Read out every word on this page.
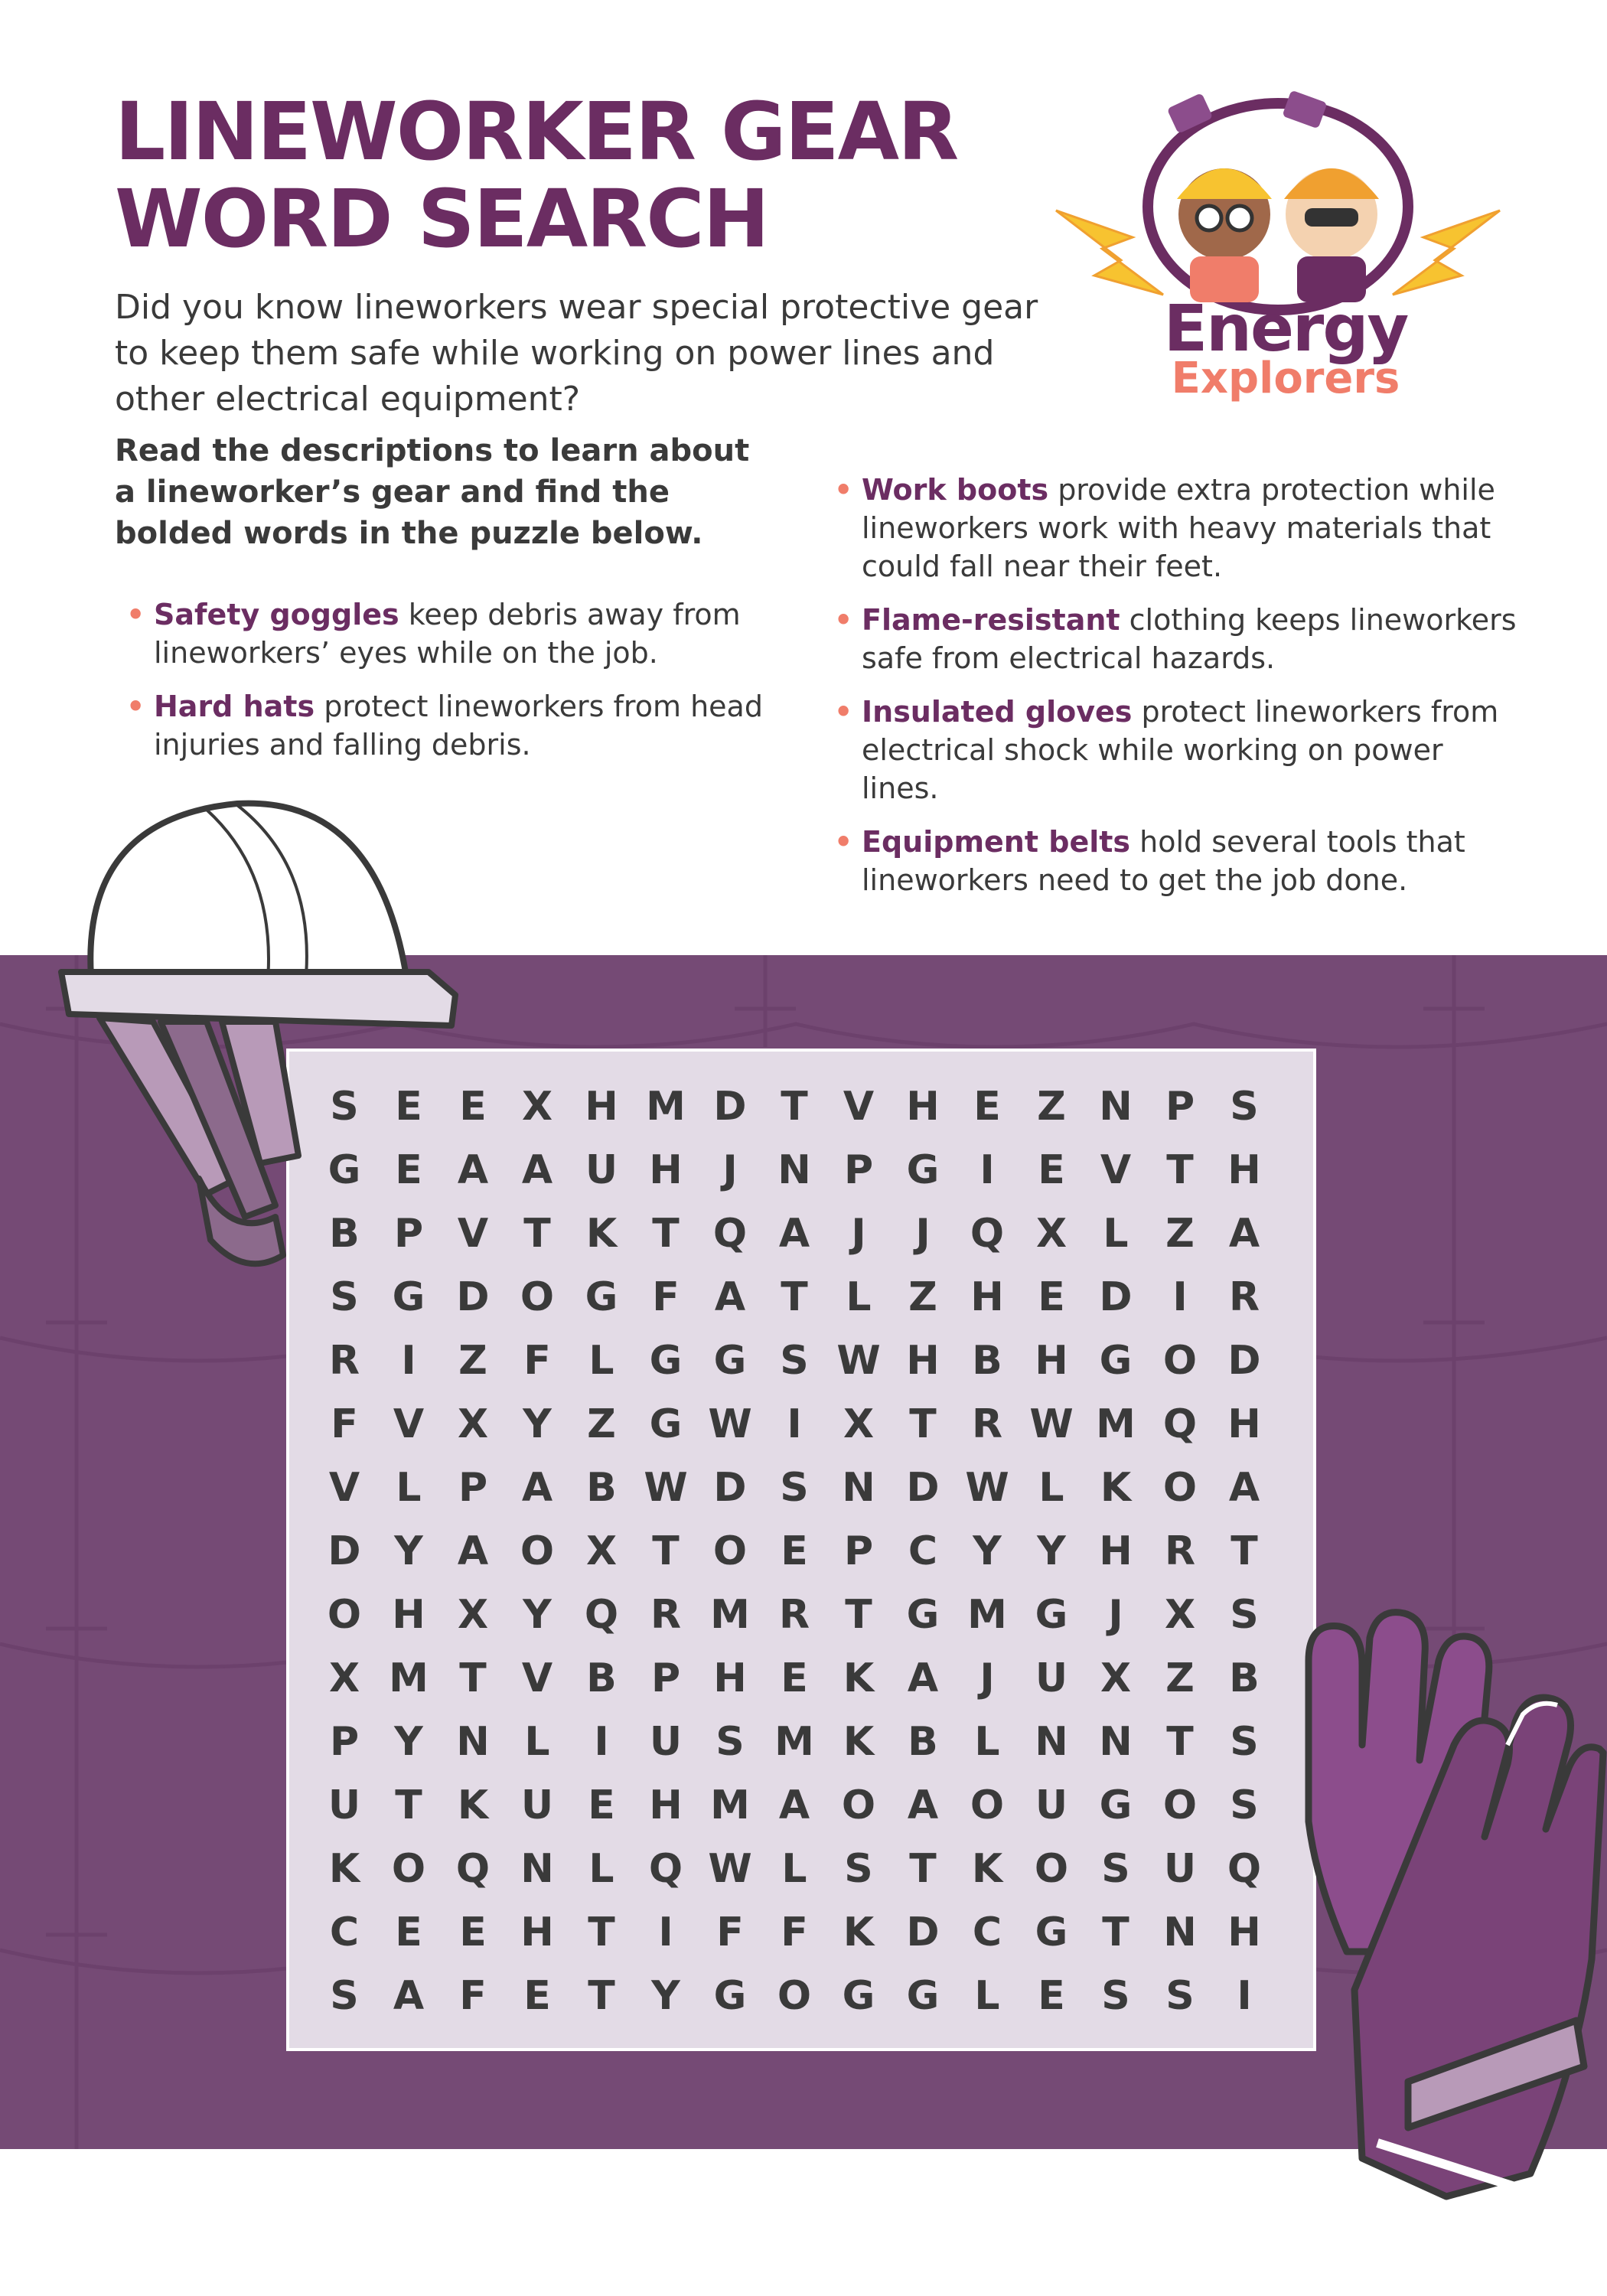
LINEWORKER GEAR
WORD SEARCH
Energy
Explorers

Did you know lineworkers wear special protective gear to keep them safe while working on power lines and other electrical equipment?

Read the descriptions to learn about a lineworker’s gear and find the bolded words in the puzzle below.

• Safety goggles keep debris away from lineworkers’ eyes while on the job.
• Hard hats protect lineworkers from head injuries and falling debris.
• Work boots provide extra protection while lineworkers work with heavy materials that could fall near their feet.
• Flame-resistant clothing keeps lineworkers safe from electrical hazards.
• Insulated gloves protect lineworkers from electrical shock while working on power lines.
• Equipment belts hold several tools that lineworkers need to get the job done.
S E E X H M D T V H E Z N P S
G E A A U H	J	N P G	I	E V T H
B P V T K T Q A	J	J	Q X L Z A
S G D O G F A T L Z H E D	I	R
R	I	Z F L G G S W H B H G O D
F V X Y Z G W I	X T R W M Q H
V L P A B W D S N D W L K O A
D Y A O X T O E P C Y Y H R T
O H X Y Q R M R T G M G	J	X S
X M T V B P H E K A	J	U X Z B
P Y N L	I	U S M K B L N N T S
U T K U E H M A O A O U G O S
K O Q N L Q W L S T K O S U Q
C E E H T	I	F F K D C G T N H
S A F E T Y G O G G L E S S	I
